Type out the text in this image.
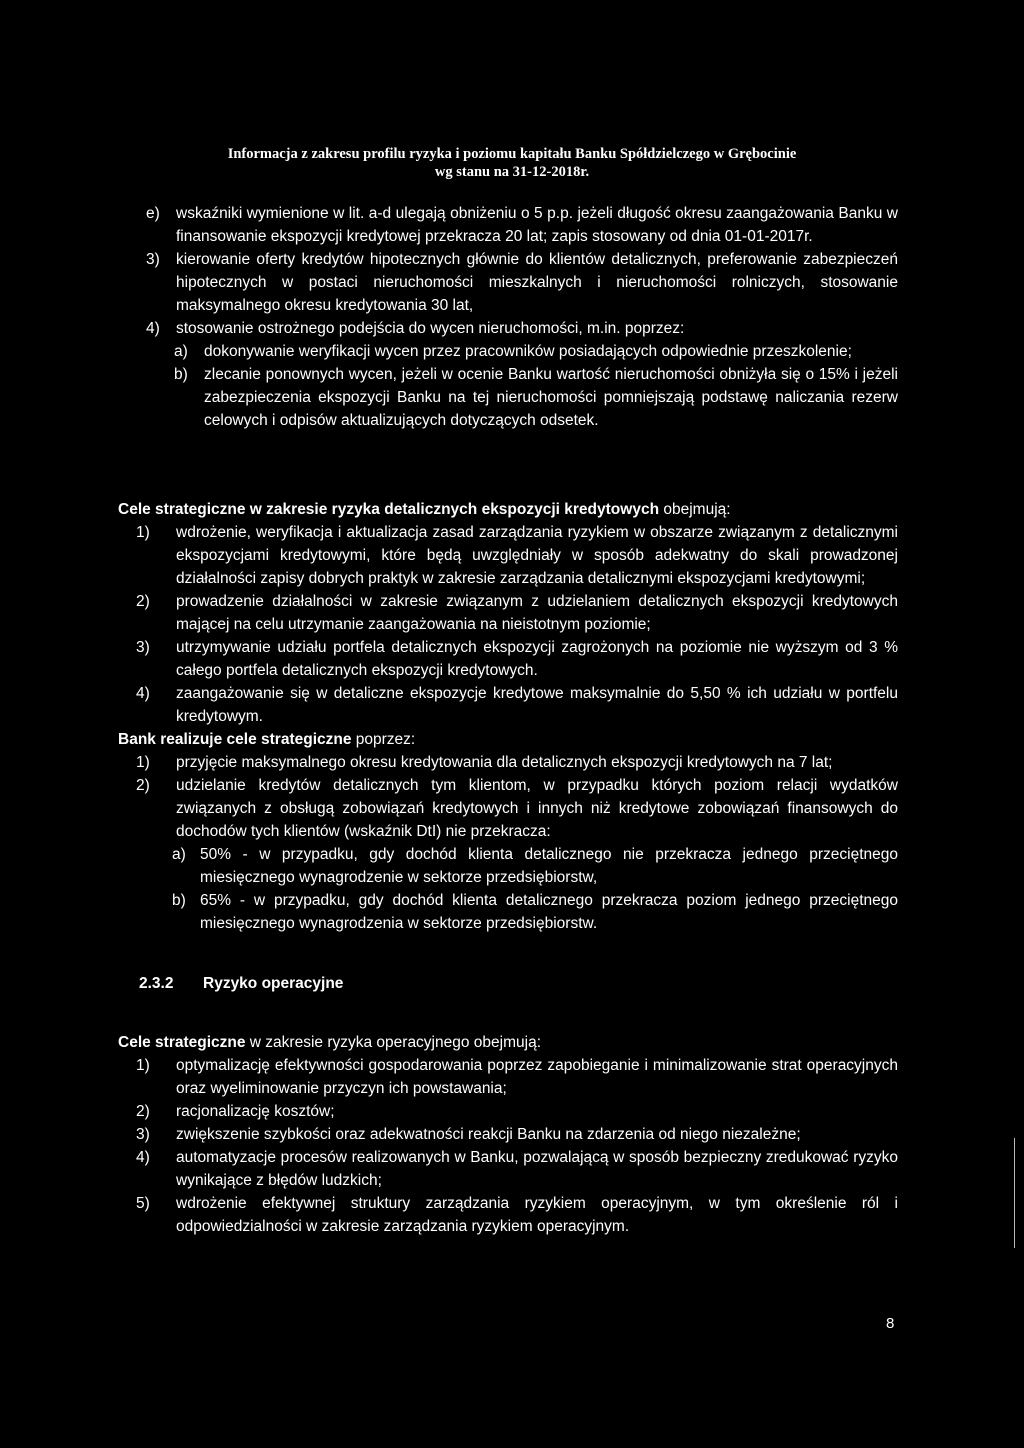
Informacja z zakresu profilu ryzyka i poziomu kapitału Banku Spółdzielczego w Grębocinie
wg stanu na 31-12-2018r.
e) wskaźniki wymienione w lit. a-d ulegają obniżeniu o 5 p.p. jeżeli długość okresu zaangażowania Banku w finansowanie ekspozycji kredytowej przekracza 20 lat; zapis stosowany od dnia 01-01-2017r.
3) kierowanie oferty kredytów hipotecznych głównie do klientów detalicznych, preferowanie zabezpieczeń hipotecznych w postaci nieruchomości mieszkalnych i nieruchomości rolniczych, stosowanie maksymalnego okresu kredytowania 30 lat,
4) stosowanie ostrożnego podejścia do wycen nieruchomości, m.in. poprzez:
a) dokonywanie weryfikacji wycen przez pracowników posiadających odpowiednie przeszkolenie;
b) zlecanie ponownych wycen, jeżeli w ocenie Banku wartość nieruchomości obniżyła się o 15% i jeżeli zabezpieczenia ekspozycji Banku na tej nieruchomości pomniejszają podstawę naliczania rezerw celowych i odpisów aktualizujących dotyczących odsetek.

Cele strategiczne w zakresie ryzyka detalicznych ekspozycji kredytowych obejmują:

1) wdrożenie, weryfikacja i aktualizacja zasad zarządzania ryzykiem w obszarze związanym z detalicznymi ekspozycjami kredytowymi, które będą uwzględniały w sposób adekwatny do skali prowadzonej działalności zapisy dobrych praktyk w zakresie zarządzania detalicznymi ekspozycjami kredytowymi;
2) prowadzenie działalności w zakresie związanym z udzielaniem detalicznych ekspozycji kredytowych mającej na celu utrzymanie zaangażowania na nieistotnym poziomie;
3) utrzymywanie udziału portfela detalicznych ekspozycji zagrożonych na poziomie nie wyższym od 3 % całego portfela detalicznych ekspozycji kredytowych.
4) zaangażowanie się w detaliczne ekspozycje kredytowe maksymalnie do 5,50 % ich udziału w portfelu kredytowym.

Bank realizuje cele strategiczne poprzez:

1) przyjęcie maksymalnego okresu kredytowania dla detalicznych ekspozycji kredytowych na 7 lat;
2) udzielanie kredytów detalicznych tym klientom, w przypadku których poziom relacji wydatków związanych z obsługą zobowiązań kredytowych i innych niż kredytowe zobowiązań finansowych do dochodów tych klientów (wskaźnik DtI) nie przekracza:
a) 50% - w przypadku, gdy dochód klienta detalicznego nie przekracza jednego przeciętnego miesięcznego wynagrodzenie w sektorze przedsiębiorstw,
b) 65% - w przypadku, gdy dochód klienta detalicznego przekracza poziom jednego przeciętnego miesięcznego wynagrodzenia w sektorze przedsiębiorstw.
2.3.2 Ryzyko operacyjne

Cele strategiczne w zakresie ryzyka operacyjnego obejmują:

1) optymalizację efektywności gospodarowania poprzez zapobieganie i minimalizowanie strat operacyjnych oraz wyeliminowanie przyczyn ich powstawania;
2) racjonalizację kosztów;
3) zwiększenie szybkości oraz adekwatności reakcji Banku na zdarzenia od niego niezależne;
4) automatyzacje procesów realizowanych w Banku, pozwalającą w sposób bezpieczny zredukować ryzyko wynikające z błędów ludzkich;
5) wdrożenie efektywnej struktury zarządzania ryzykiem operacyjnym, w tym określenie ról i odpowiedzialności w zakresie zarządzania ryzykiem operacyjnym.
8
